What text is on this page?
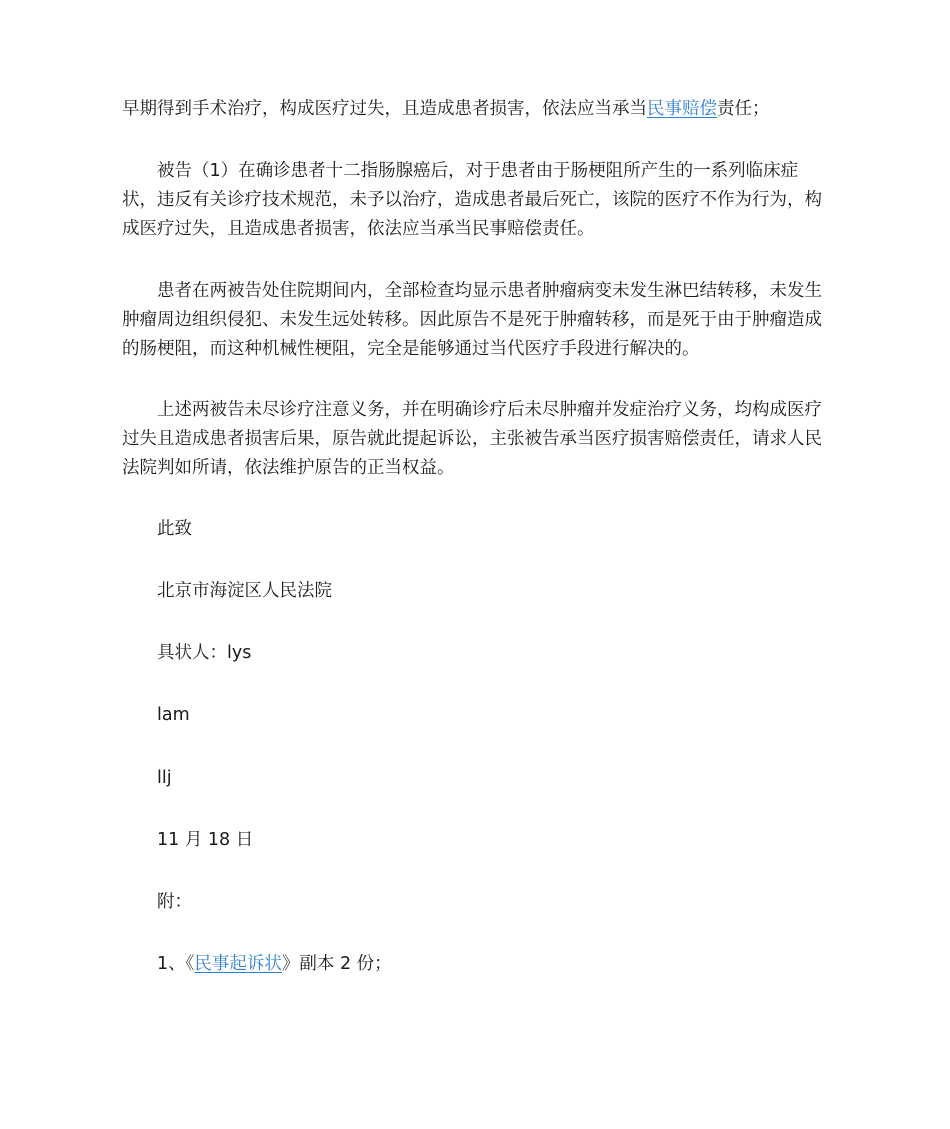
早期得到手术治疗，构成医疗过失，且造成患者损害，依法应当承当民事赔偿责任；
被告（1）在确诊患者十二指肠腺癌后，对于患者由于肠梗阻所产生的一系列临床症状，违反有关诊疗技术规范，未予以治疗，造成患者最后死亡，该院的医疗不作为行为，构成医疗过失，且造成患者损害，依法应当承当民事赔偿责任。
患者在两被告处住院期间内，全部检查均显示患者肿瘤病变未发生淋巴结转移，未发生肿瘤周边组织侵犯、未发生远处转移。因此原告不是死于肿瘤转移，而是死于由于肿瘤造成的肠梗阻，而这种机械性梗阻，完全是能够通过当代医疗手段进行解决的。
上述两被告未尽诊疗注意义务，并在明确诊疗后未尽肿瘤并发症治疗义务，均构成医疗过失且造成患者损害后果，原告就此提起诉讼，主张被告承当医疗损害赔偿责任，请求人民法院判如所请，依法维护原告的正当权益。
此致
北京市海淀区人民法院
具状人：lys
lam
llj
11 月 18 日
附：
1、《民事起诉状》副本 2 份；
